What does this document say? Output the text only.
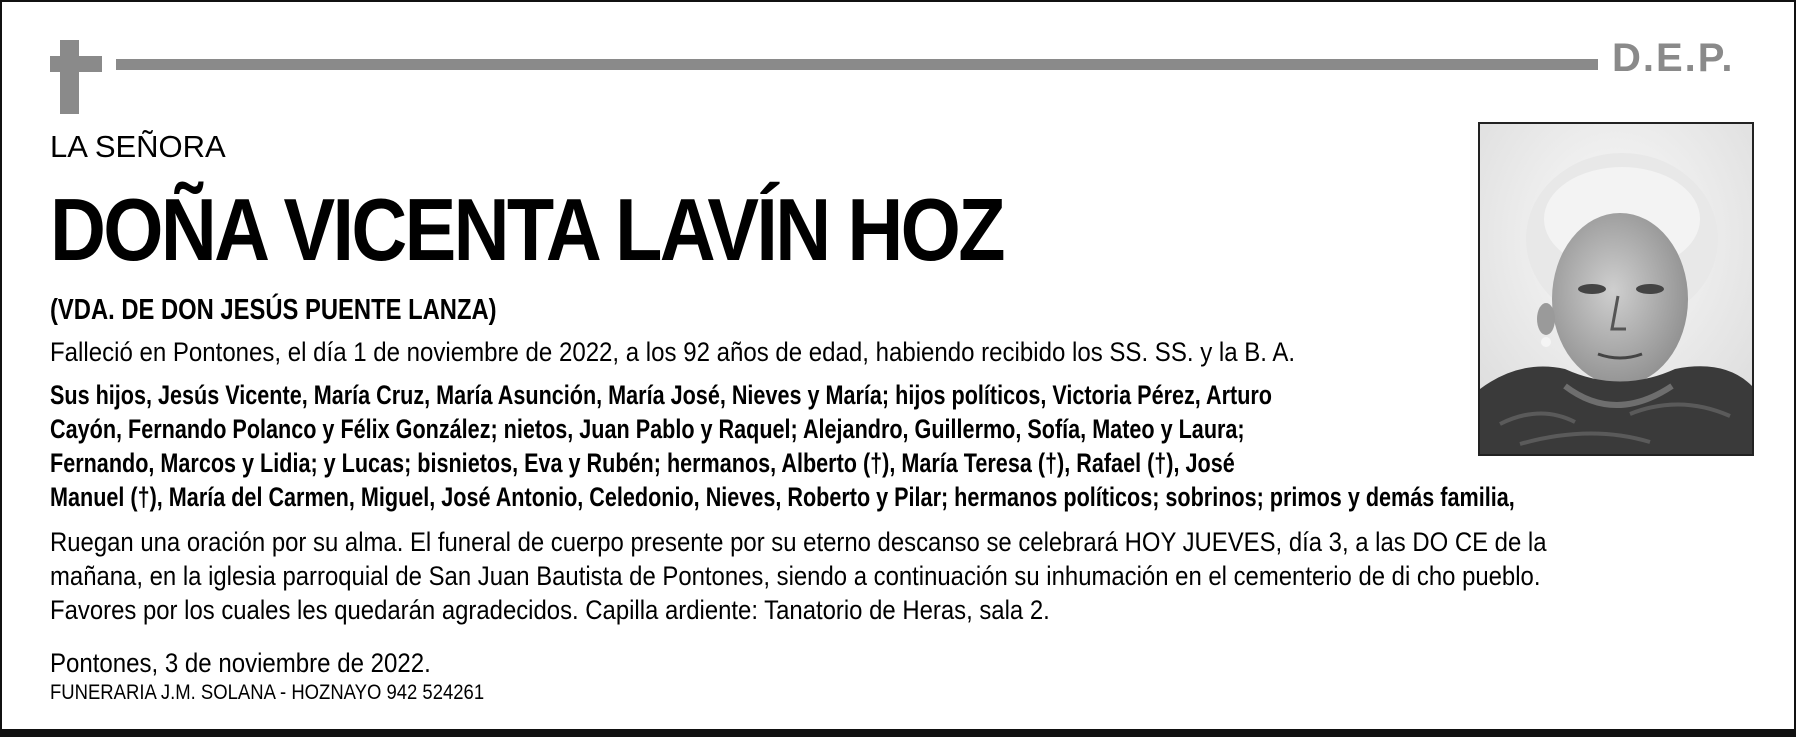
D.E.P.
LA SEÑORA
DOÑA VICENTA LAVÍN HOZ
(VDA. DE DON JESÚS PUENTE LANZA)
Falleció en Pontones, el día 1 de noviembre de 2022, a los 92 años de edad, habiendo recibido los SS. SS. y la B. A.
Sus hijos, Jesús Vicente, María Cruz, María Asunción, María José, Nieves y María; hijos políticos, Victoria Pérez, Arturo
Cayón, Fernando Polanco y Félix González; nietos, Juan Pablo y Raquel; Alejandro, Guillermo, Sofía, Mateo y Laura;
Fernando, Marcos y Lidia; y Lucas; bisnietos, Eva y Rubén; hermanos, Alberto (†), María Teresa (†), Rafael (†), José
Manuel (†), María del Carmen, Miguel, José Antonio, Celedonio, Nieves, Roberto y Pilar; hermanos políticos; sobrinos; primos y demás familia,
Ruegan una oración por su alma. El funeral de cuerpo presente por su eterno descanso se celebrará HOY JUEVES, día 3, a las DO CE de la
mañana, en la iglesia parroquial de San Juan Bautista de Pontones, siendo a continuación su inhumación en el cementerio de di cho pueblo.
Favores por los cuales les quedarán agradecidos. Capilla ardiente: Tanatorio de Heras, sala 2.
Pontones, 3 de noviembre de 2022.
FUNERARIA J.M. SOLANA - HOZNAYO 942 524261
